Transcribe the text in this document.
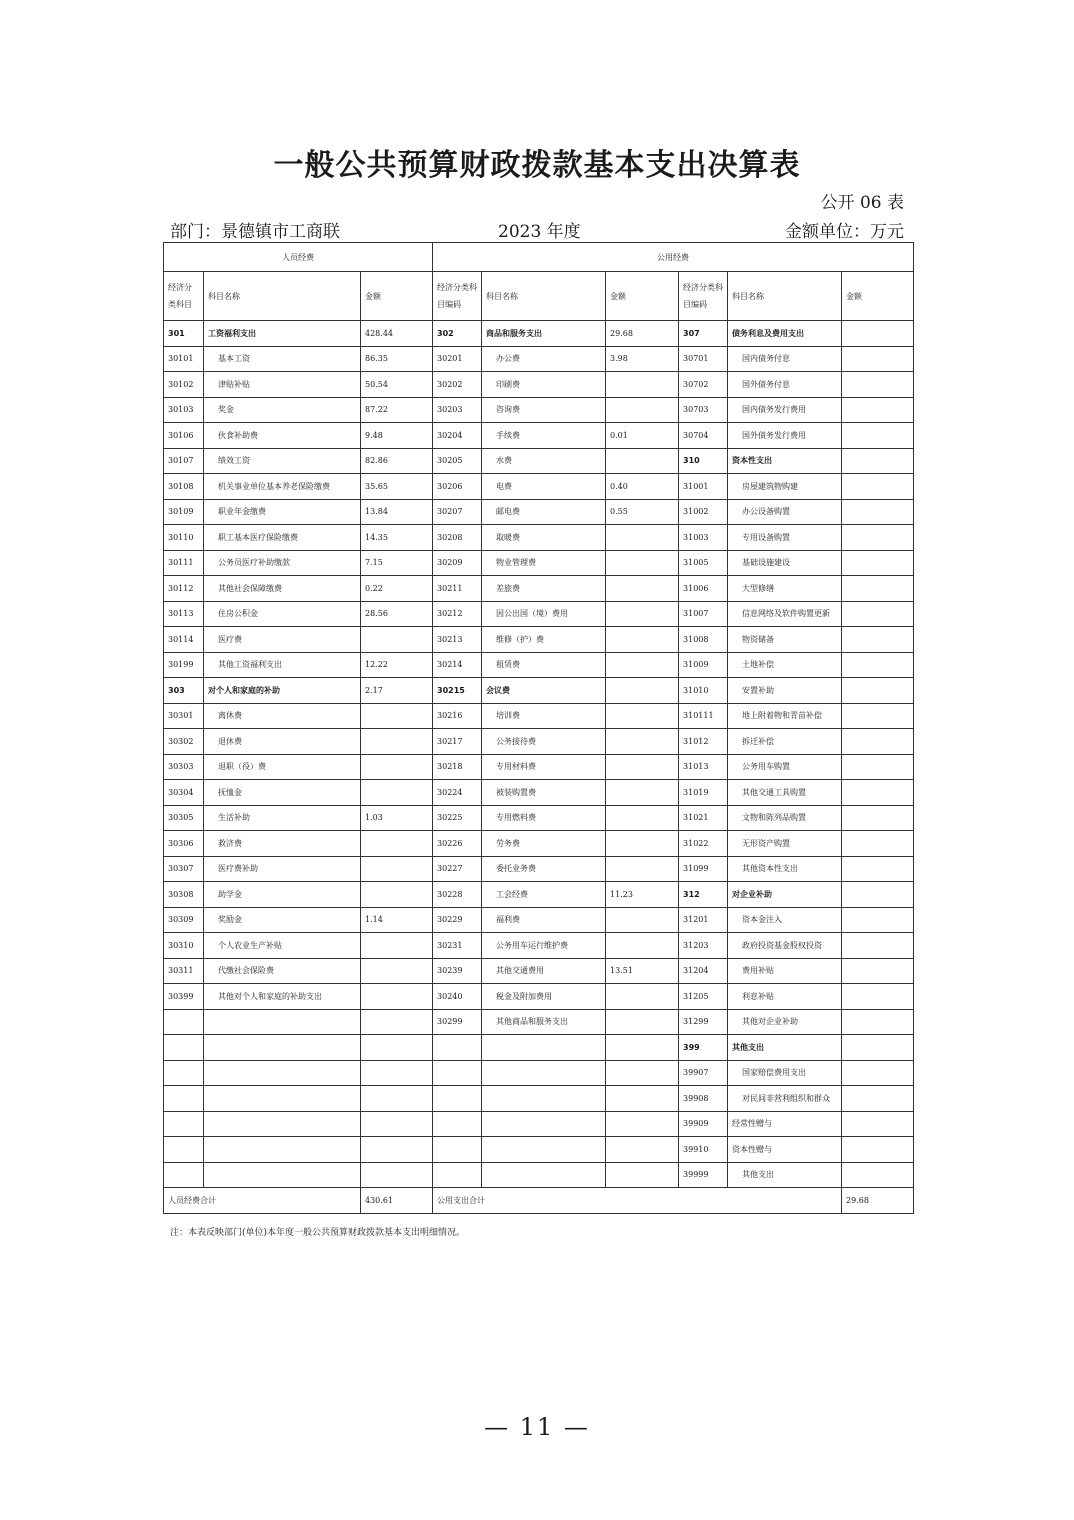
一般公共预算财政拨款基本支出决算表
公开 06 表
部门：景德镇市工商联	2023 年度	金额单位：万元
人员经费			公用经费					
经济分类科目	科目名称	金额	经济分类科目编码	科目名称	金额	经济分类科目编码	科目名称	金额
301	工资福利支出	428.44	302	商品和服务支出	29.68	307	债务利息及费用支出	
30101	基本工资	86.35	30201	办公费	3.98	30701	国内债务付息	
30102	津贴补贴	50.54	30202	印刷费		30702	国外债务付息	
30103	奖金	87.22	30203	咨询费		30703	国内债务发行费用	
30106	伙食补助费	9.48	30204	手续费	0.01	30704	国外债务发行费用	
30107	绩效工资	82.86	30205	水费		310	资本性支出	
30108	机关事业单位基本养老保险缴费	35.65	30206	电费	0.40	31001	房屋建筑物购建	
30109	职业年金缴费	13.84	30207	邮电费	0.55	31002	办公设备购置	
30110	职工基本医疗保险缴费	14.35	30208	取暖费		31003	专用设备购置	
30111	公务员医疗补助缴款	7.15	30209	物业管理费		31005	基础设施建设	
30112	其他社会保障缴费	0.22	30211	差旅费		31006	大型修缮	
30113	住房公积金	28.56	30212	因公出国（境）费用		31007	信息网络及软件购置更新	
30114	医疗费		30213	维修（护）费		31008	物资储备	
30199	其他工资福利支出	12.22	30214	租赁费		31009	土地补偿	
303	对个人和家庭的补助	2.17	30215	会议费		31010	安置补助	
30301	离休费		30216	培训费		310111	地上附着物和青苗补偿	
30302	退休费		30217	公务接待费		31012	拆迁补偿	
30303	退职（役）费		30218	专用材料费		31013	公务用车购置	
30304	抚恤金		30224	被装购置费		31019	其他交通工具购置	
30305	生活补助	1.03	30225	专用燃料费		31021	文物和陈列品购置	
30306	救济费		30226	劳务费		31022	无形资产购置	
30307	医疗费补助		30227	委托业务费		31099	其他资本性支出	
30308	助学金		30228	工会经费	11.23	312	对企业补助	
30309	奖励金	1.14	30229	福利费		31201	资本金注入	
30310	个人农业生产补贴		30231	公务用车运行维护费		31203	政府投资基金股权投资	
30311	代缴社会保险费		30239	其他交通费用	13.51	31204	费用补贴	
30399	其他对个人和家庭的补助支出		30240	税金及附加费用		31205	利息补贴	
			30299	其他商品和服务支出		31299	其他对企业补助	
						399	其他支出	
						39907	国家赔偿费用支出	
						39908	对民间非营利组织和群众	
						39909	经常性赠与	
						39910	资本性赠与	
						39999	其他支出	
人员经费合计		430.61	公用支出合计					29.68
注：本表反映部门(单位)本年度一般公共预算财政拨款基本支出明细情况。
— 11 —
